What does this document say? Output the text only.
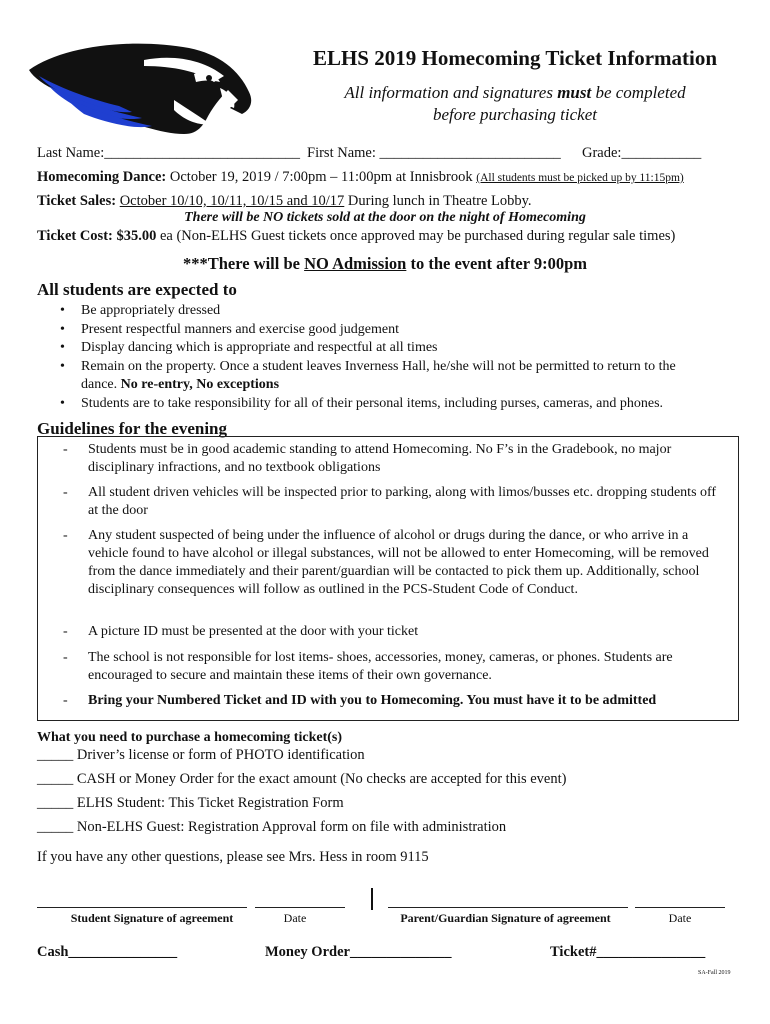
ELHS 2019 Homecoming Ticket Information
All information and signatures must be completed
before purchasing ticket
Last Name:___________________________ First Name: _________________________ Grade:___________
Homecoming Dance: October 19, 2019 / 7:00pm – 11:00pm at Innisbrook (All students must be picked up by 11:15pm)
Ticket Sales: October 10/10, 10/11, 10/15 and 10/17 During lunch in Theatre Lobby.
There will be NO tickets sold at the door on the night of Homecoming
Ticket Cost: $35.00 ea (Non-ELHS Guest tickets once approved may be purchased during regular sale times)
***There will be NO Admission to the event after 9:00pm
All students are expected to
• Be appropriately dressed
• Present respectful manners and exercise good judgement
• Display dancing which is appropriate and respectful at all times
• Remain on the property. Once a student leaves Inverness Hall, he/she will not be permitted to return to the
dance. No re-entry, No exceptions
• Students are to take responsibility for all of their personal items, including purses, cameras, and phones.
Guidelines for the evening
- Students must be in good academic standing to attend Homecoming. No F’s in the Gradebook, no major disciplinary infractions, and no textbook obligations
- All student driven vehicles will be inspected prior to parking, along with limos/busses etc. dropping students off at the door
- Any student suspected of being under the influence of alcohol or drugs during the dance, or who arrive in a vehicle found to have alcohol or illegal substances, will not be allowed to enter Homecoming, will be removed from the dance immediately and their parent/guardian will be contacted to pick them up. Additionally, school disciplinary consequences will follow as outlined in the PCS-Student Code of Conduct.
- A picture ID must be presented at the door with your ticket
- The school is not responsible for lost items- shoes, accessories, money, cameras, or phones. Students are encouraged to secure and maintain these items of their own governance.
- Bring your Numbered Ticket and ID with you to Homecoming. You must have it to be admitted
What you need to purchase a homecoming ticket(s)
_____ Driver’s license or form of PHOTO identification
_____ CASH or Money Order for the exact amount (No checks are accepted for this event)
_____ ELHS Student: This Ticket Registration Form
_____ Non-ELHS Guest: Registration Approval form on file with administration
If you have any other questions, please see Mrs. Hess in room 9115
Student Signature of agreement	Date	Parent/Guardian Signature of agreement	Date
Cash_______________	Money Order______________	Ticket#_______________
SA-Fall 2019
